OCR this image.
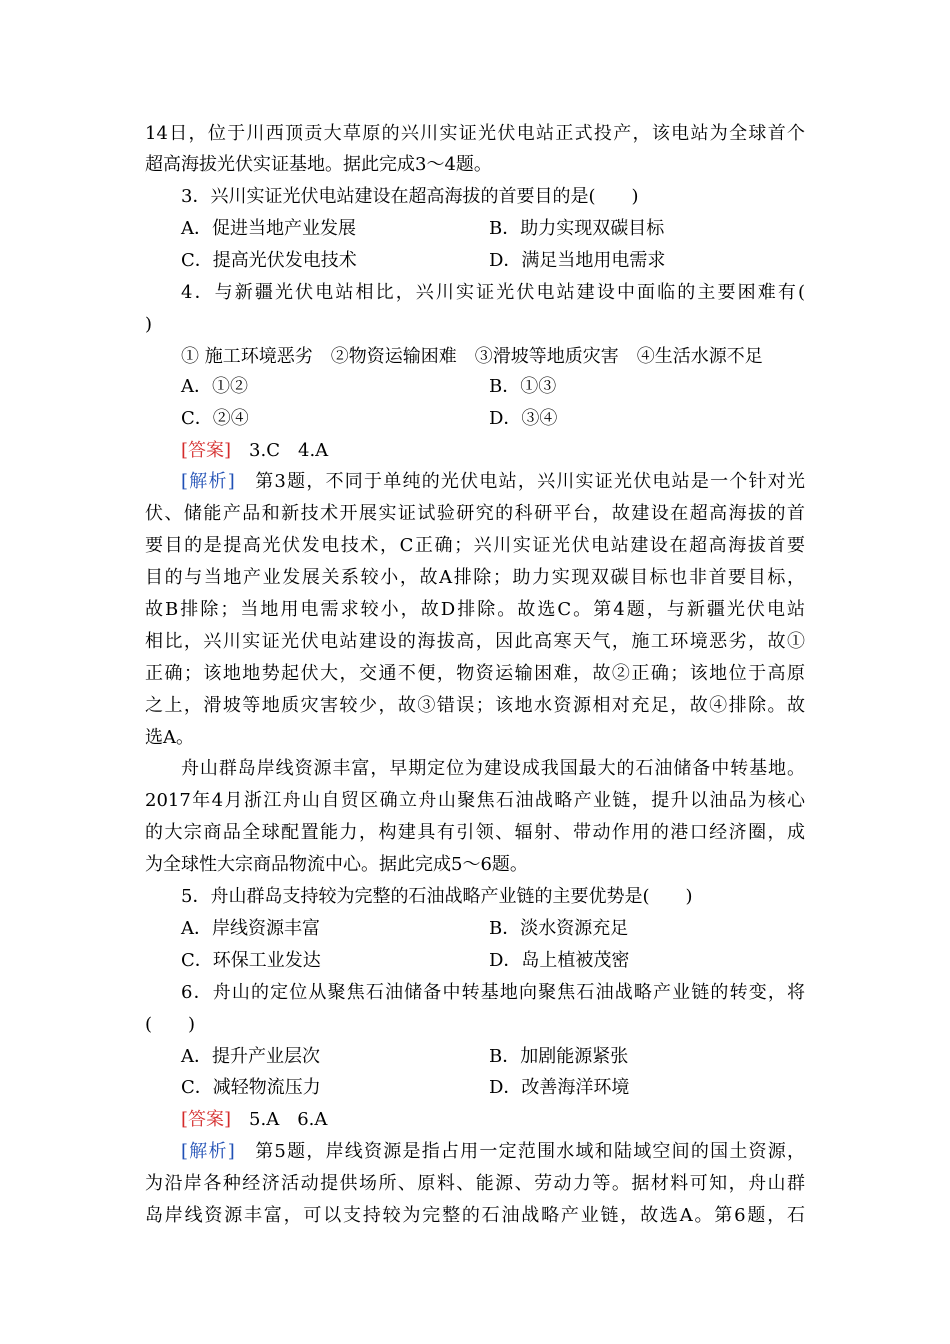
14日，位于川西顶贡大草原的兴川实证光伏电站正式投产，该电站为全球首个
超高海拔光伏实证基地。据此完成3～4题。
3．兴川实证光伏电站建设在超高海拔的首要目的是(　　)
A．促进当地产业发展	B．助力实现双碳目标
C．提高光伏发电技术	D．满足当地用电需求
4．与新疆光伏电站相比，兴川实证光伏电站建设中面临的主要困难有(
)
① 施工环境恶劣　②物资运输困难　③滑坡等地质灾害　④生活水源不足
A．①②	B．①③
C．②④	D．③④
[答案]　 3.C　4.A
[解析]　 第3题，不同于单纯的光伏电站，兴川实证光伏电站是一个针对光
伏、储能产品和新技术开展实证试验研究的科研平台，故建设在超高海拔的首
要目的是提高光伏发电技术，C正确；兴川实证光伏电站建设在超高海拔首要
目的与当地产业发展关系较小，故A排除；助力实现双碳目标也非首要目标，
故B排除；当地用电需求较小，故D排除。故选C。第4题，与新疆光伏电站
相比，兴川实证光伏电站建设的海拔高，因此高寒天气，施工环境恶劣，故①
正确；该地地势起伏大，交通不便，物资运输困难，故②正确；该地位于高原
之上，滑坡等地质灾害较少，故③错误；该地水资源相对充足，故④排除。故
选A。
舟山群岛岸线资源丰富，早期定位为建设成我国最大的石油储备中转基地。
2017年4月浙江舟山自贸区确立舟山聚焦石油战略产业链，提升以油品为核心
的大宗商品全球配置能力，构建具有引领、辐射、带动作用的港口经济圈，成
为全球性大宗商品物流中心。据此完成5～6题。
5．舟山群岛支持较为完整的石油战略产业链的主要优势是(　　)
A．岸线资源丰富	B．淡水资源充足
C．环保工业发达	D．岛上植被茂密
6．舟山的定位从聚焦石油储备中转基地向聚焦石油战略产业链的转变，将
(　　)
A．提升产业层次	B．加剧能源紧张
C．减轻物流压力	D．改善海洋环境
[答案]　 5.A　6.A
[解析]　 第5题，岸线资源是指占用一定范围水域和陆域空间的国土资源，
为沿岸各种经济活动提供场所、原料、能源、劳动力等。据材料可知，舟山群
岛岸线资源丰富，可以支持较为完整的石油战略产业链，故选A。第6题，石
